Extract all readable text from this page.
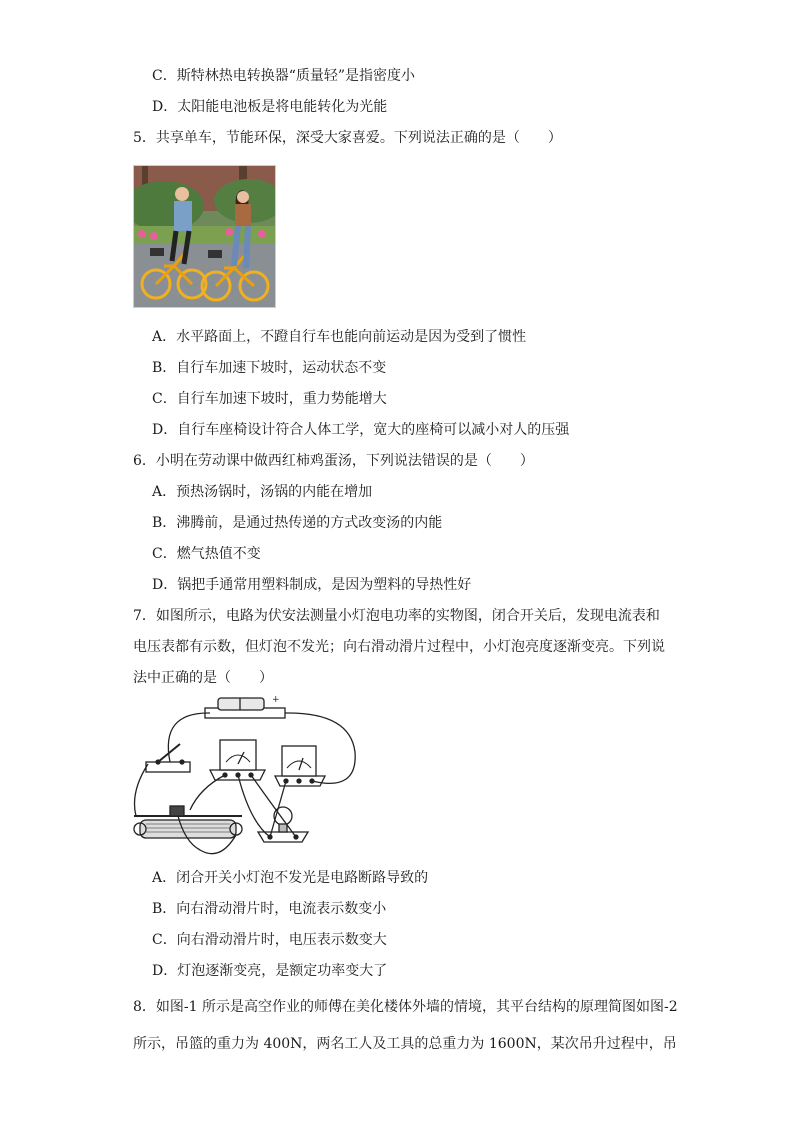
C．斯特林热电转换器“质量轻”是指密度小
D．太阳能电池板是将电能转化为光能
5．共享单车，节能环保，深受大家喜爱。下列说法正确的是（　　）
A．水平路面上，不蹬自行车也能向前运动是因为受到了惯性
B．自行车加速下坡时，运动状态不变
C．自行车加速下坡时，重力势能增大
D．自行车座椅设计符合人体工学，宽大的座椅可以减小对人的压强
6．小明在劳动课中做西红柿鸡蛋汤，下列说法错误的是（　　）
A．预热汤锅时，汤锅的内能在增加
B．沸腾前，是通过热传递的方式改变汤的内能
C．燃气热值不变
D．锅把手通常用塑料制成，是因为塑料的导热性好
7．如图所示，电路为伏安法测量小灯泡电功率的实物图，闭合开关后，发现电流表和
电压表都有示数，但灯泡不发光；向右滑动滑片过程中，小灯泡亮度逐渐变亮。下列说
法中正确的是（　　）
+
A．闭合开关小灯泡不发光是电路断路导致的
B．向右滑动滑片时，电流表示数变小
C．向右滑动滑片时，电压表示数变大
D．灯泡逐渐变亮，是额定功率变大了
8．如图-1 所示是高空作业的师傅在美化楼体外墙的情境，其平台结构的原理简图如图-2
所示，吊篮的重力为 400N，两名工人及工具的总重力为 1600N，某次吊升过程中，吊
